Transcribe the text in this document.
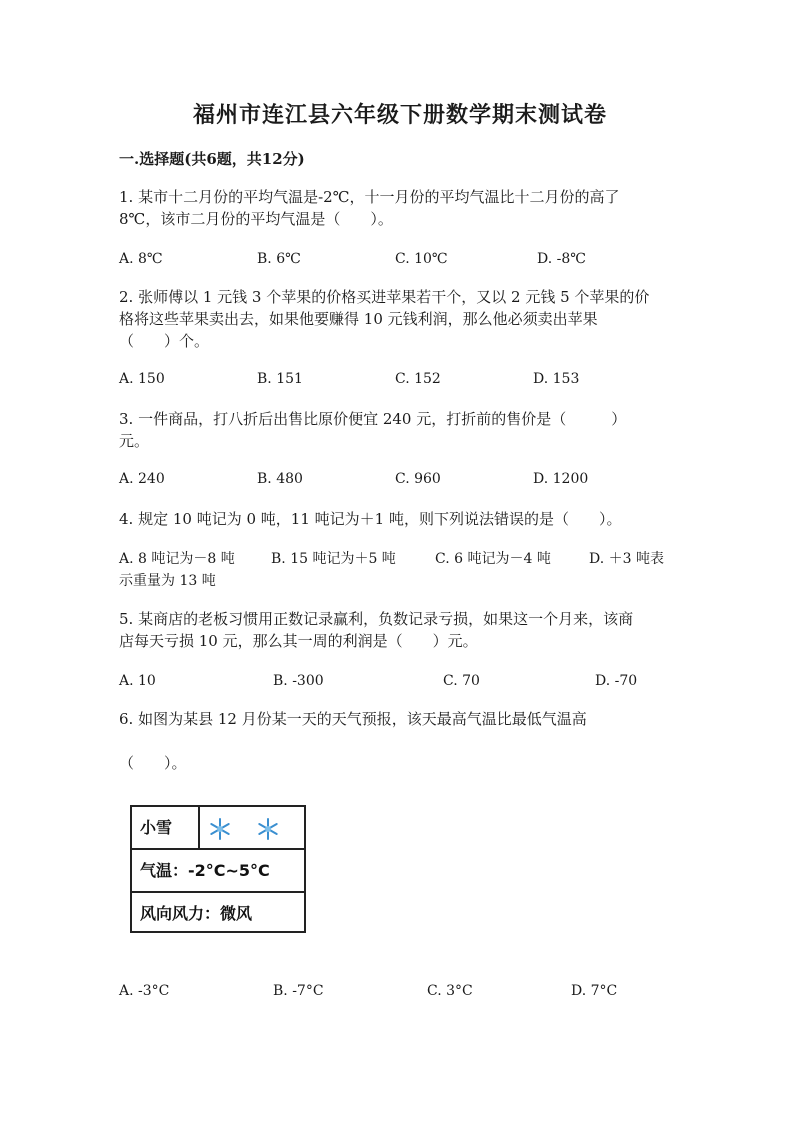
福州市连江县六年级下册数学期末测试卷
一.选择题(共6题，共12分)
1. 某市十二月份的平均气温是-2℃，十一月份的平均气温比十二月份的高了
8℃，该市二月份的平均气温是（　　）。
A. 8℃	B. 6℃	C. 10℃	D. -8℃
2. 张师傅以 1 元钱 3 个苹果的价格买进苹果若干个，又以 2 元钱 5 个苹果的价
格将这些苹果卖出去，如果他要赚得 10 元钱利润，那么他必须卖出苹果
（　　）个。
A. 150	B. 151	C. 152	D. 153
3. 一件商品，打八折后出售比原价便宜 240 元，打折前的售价是（　　　）
元。
A. 240	B. 480	C. 960	D. 1200
4. 规定 10 吨记为 0 吨，11 吨记为＋1 吨，则下列说法错误的是（　　）。
A. 8 吨记为－8 吨	B. 15 吨记为＋5 吨	C. 6 吨记为－4 吨	D. ＋3 吨表
示重量为 13 吨
5. 某商店的老板习惯用正数记录赢利，负数记录亏损，如果这一个月来，该商
店每天亏损 10 元，那么其一周的利润是（　　）元。
A. 10	B. -300	C. 70	D. -70
6. 如图为某县 12 月份某一天的天气预报，该天最高气温比最低气温高
（　　）。
小雪
气温：-2°C~5°C
风向风力：微风
A. -3°C	B. -7°C	C. 3°C	D. 7°C
